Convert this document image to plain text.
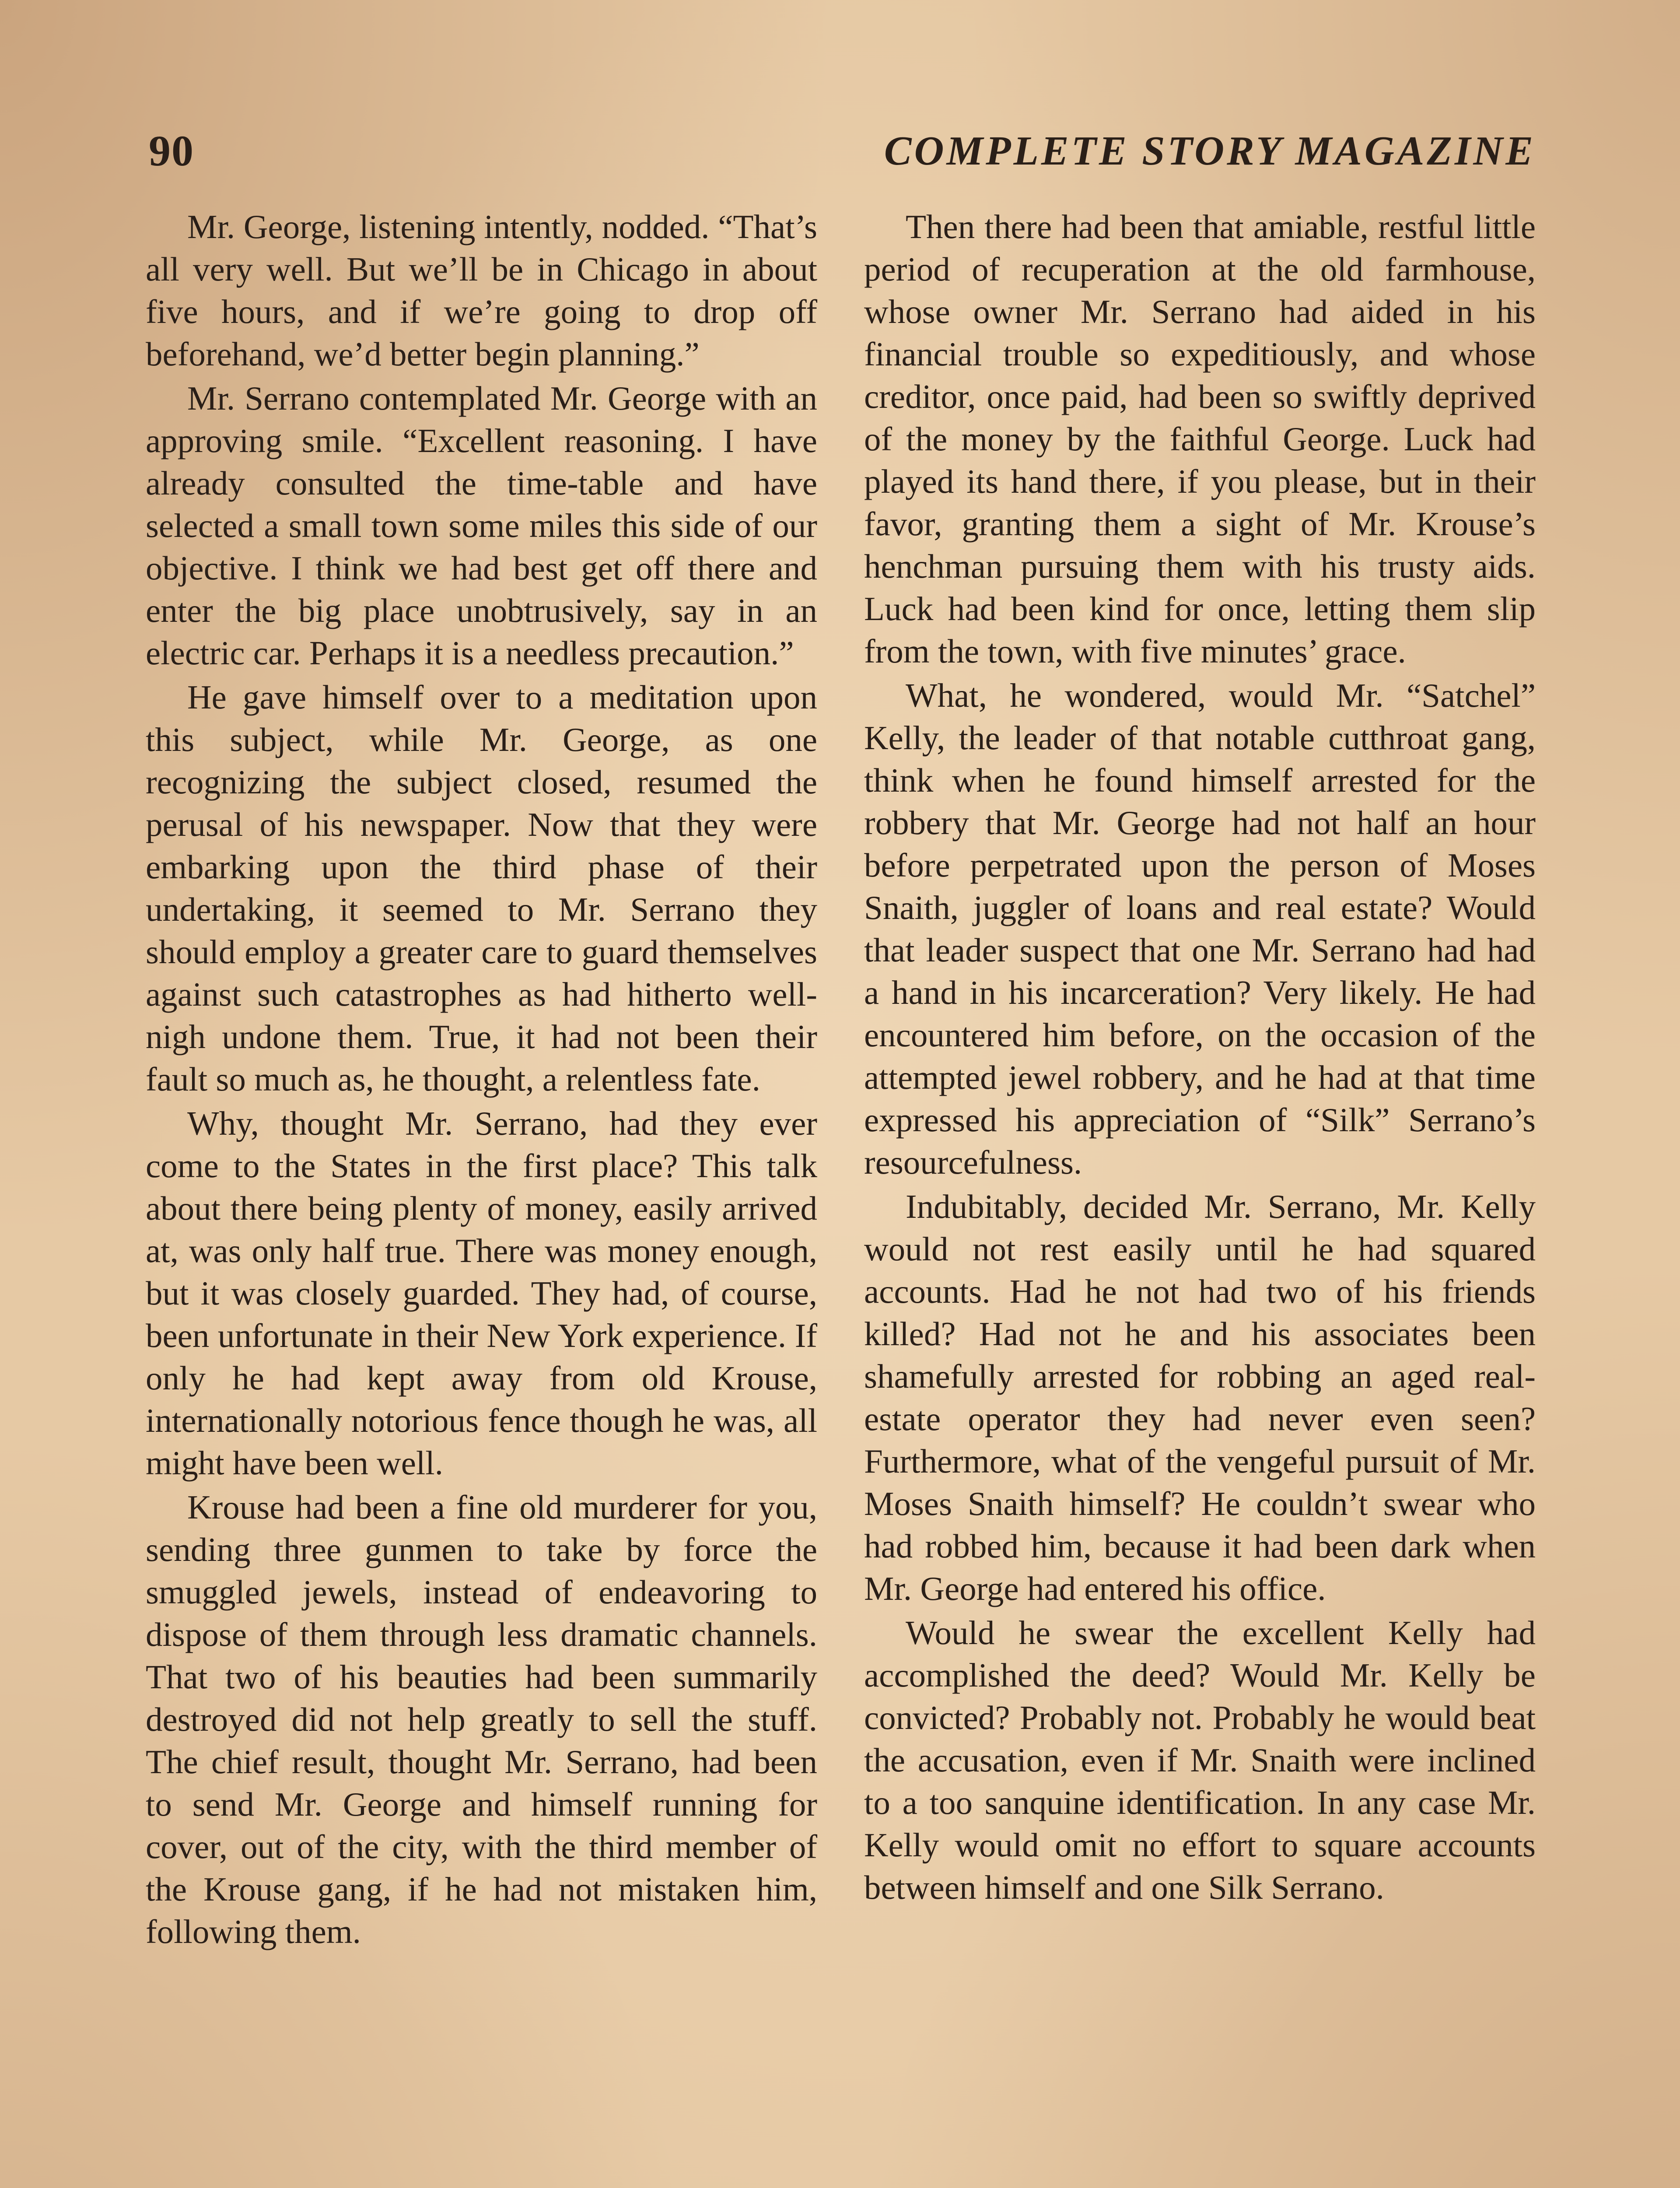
90	COMPLETE STORY MAGAZINE

Mr. George, listening intently, nodded. “That’s all very well. But we’ll be in Chicago in about five hours, and if we’re going to drop off beforehand, we’d better begin planning.”

Mr. Serrano contemplated Mr. George with an approving smile. “Excellent reasoning. I have already consulted the time-table and have selected a small town some miles this side of our objective. I think we had best get off there and enter the big place unobtrusively, say in an electric car. Perhaps it is a needless precaution.”

He gave himself over to a meditation upon this subject, while Mr. George, as one recognizing the subject closed, resumed the perusal of his newspaper. Now that they were embarking upon the third phase of their undertaking, it seemed to Mr. Serrano they should employ a greater care to guard themselves against such catastrophes as had hitherto well-nigh undone them. True, it had not been their fault so much as, he thought, a relentless fate.

Why, thought Mr. Serrano, had they ever come to the States in the first place? This talk about there being plenty of money, easily arrived at, was only half true. There was money enough, but it was closely guarded. They had, of course, been unfortunate in their New York experience. If only he had kept away from old Krouse, internationally notorious fence though he was, all might have been well.

Krouse had been a fine old murderer for you, sending three gunmen to take by force the smuggled jewels, instead of endeavoring to dispose of them through less dramatic channels. That two of his beauties had been summarily destroyed did not help greatly to sell the stuff. The chief result, thought Mr. Serrano, had been to send Mr. George and himself running for cover, out of the city, with the third member of the Krouse gang, if he had not mistaken him, following them.

Then there had been that amiable, restful little period of recuperation at the old farmhouse, whose owner Mr. Serrano had aided in his financial trouble so expeditiously, and whose creditor, once paid, had been so swiftly deprived of the money by the faithful George. Luck had played its hand there, if you please, but in their favor, granting them a sight of Mr. Krouse’s henchman pursuing them with his trusty aids. Luck had been kind for once, letting them slip from the town, with five minutes’ grace.

What, he wondered, would Mr. “Satchel” Kelly, the leader of that notable cutthroat gang, think when he found himself arrested for the robbery that Mr. George had not half an hour before perpetrated upon the person of Moses Snaith, juggler of loans and real estate? Would that leader suspect that one Mr. Serrano had had a hand in his incarceration? Very likely. He had encountered him before, on the occasion of the attempted jewel robbery, and he had at that time expressed his appreciation of “Silk” Serrano’s resourcefulness.

Indubitably, decided Mr. Serrano, Mr. Kelly would not rest easily until he had squared accounts. Had he not had two of his friends killed? Had not he and his associates been shamefully arrested for robbing an aged real-estate operator they had never even seen? Furthermore, what of the vengeful pursuit of Mr. Moses Snaith himself? He couldn’t swear who had robbed him, because it had been dark when Mr. George had entered his office.

Would he swear the excellent Kelly had accomplished the deed? Would Mr. Kelly be convicted? Probably not. Probably he would beat the accusation, even if Mr. Snaith were inclined to a too sanquine identification. In any case Mr. Kelly would omit no effort to square accounts between himself and one Silk Serrano.
